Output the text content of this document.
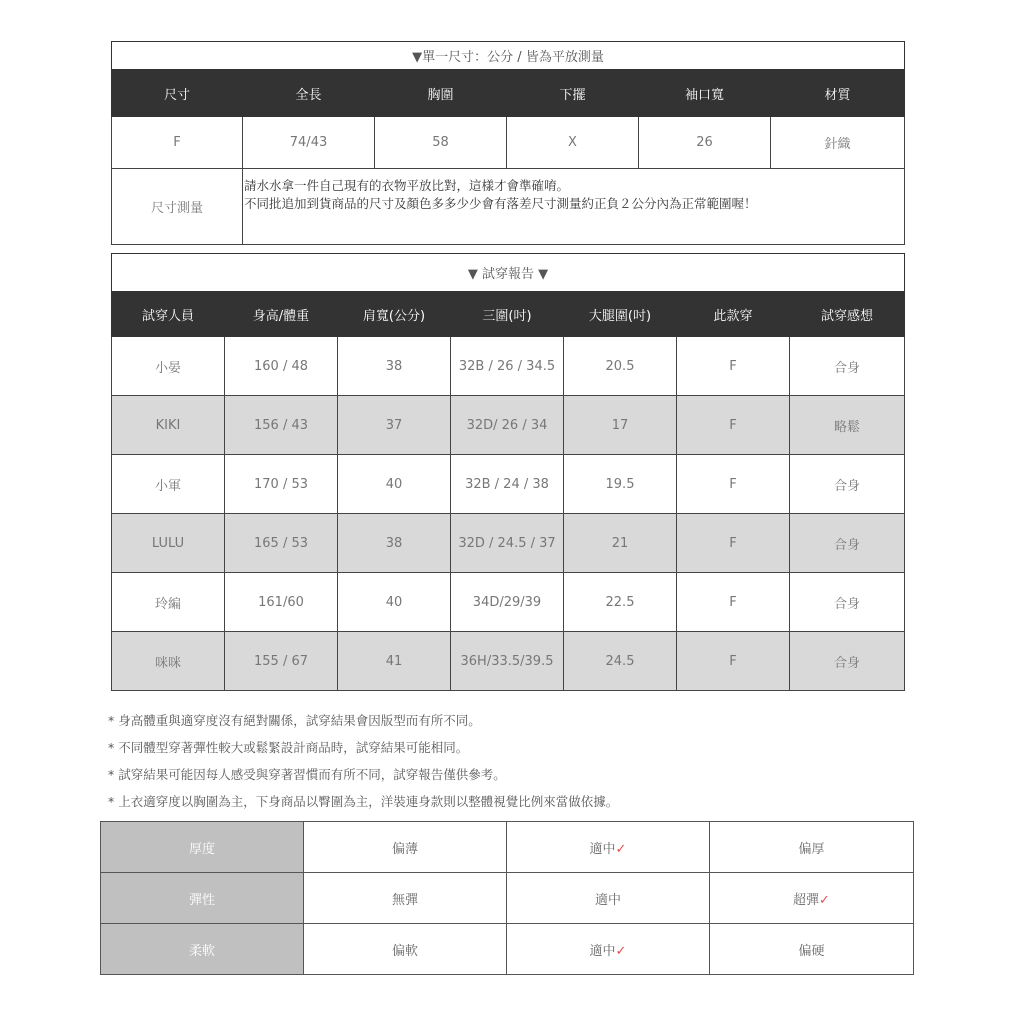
▼單一尺寸：公分 / 皆為平放測量					
尺寸	全長	胸圍	下擺	袖口寬	材質
F	74/43	58	X	26	針織
尺寸測量	請水水拿一件自己現有的衣物平放比對，這樣才會準確唷。
不同批追加到貨商品的尺寸及顏色多多少少會有落差尺寸測量約正負２公分內為正常範圍喔！				
▼ 試穿報告 ▼						
試穿人員	身高/體重	肩寬(公分)	三圍(吋)	大腿圍(吋)	此款穿	試穿感想
小晏	160 / 48	38	32B / 26 / 34.5	20.5	F	合身
KIKI	156 / 43	37	32D/ 26 / 34	17	F	略鬆
小軍	170 / 53	40	32B / 24 / 38	19.5	F	合身
LULU	165 / 53	38	32D / 24.5 / 37	21	F	合身
玲編	161/60	40	34D/29/39	22.5	F	合身
咪咪	155 / 67	41	36H/33.5/39.5	24.5	F	合身
* 身高體重與適穿度沒有絕對關係，試穿結果會因版型而有所不同。
* 不同體型穿著彈性較大或鬆緊設計商品時，試穿結果可能相同。
* 試穿結果可能因每人感受與穿著習慣而有所不同，試穿報告僅供參考。
* 上衣適穿度以胸圍為主，下身商品以臀圍為主，洋裝連身款則以整體視覺比例來當做依據。
厚度	偏薄	適中✓	偏厚
彈性	無彈	適中	超彈✓
柔軟	偏軟	適中✓	偏硬
